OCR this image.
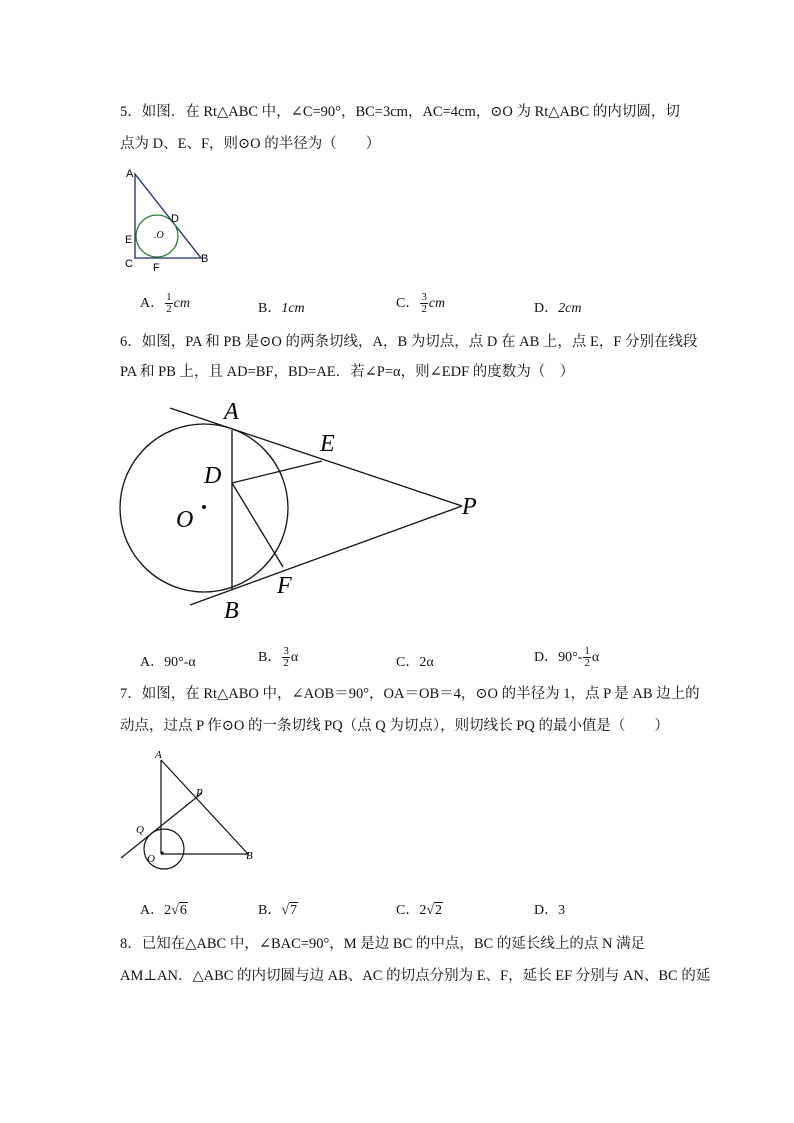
5．如图．在 Rt△ABC 中，∠C=90°，BC=3cm，AC=4cm，⊙O 为 Rt△ABC 的内切圆，切
点为 D、E、F，则⊙O 的半径为（　　）
A
D
E .O
C F
B
A． $\frac{1}{2}$ cm	B．1cm	C． $\frac{3}{2}$ cm	D．2cm
6．如图，PA 和 PB 是⊙O 的两条切线，A，B 为切点，点 D 在 AB 上，点 E，F 分别在线段
PA 和 PB 上，且 AD=BF，BD=AE．若∠P=α，则∠EDF 的度数为（　）
A
E
D
P
O
F
B
A．90°-α	B． $\frac{3}{2}$ α	C．2α	D．$90^\circ- \frac{1}{2}$ α
7．如图，在 Rt△ABO 中，∠AOB＝90°，OA＝OB＝4，⊙O 的半径为 1，点 P 是 AB 边上的
动点，过点 P 作⊙O 的一条切线 PQ（点 Q 为切点），则切线长 PQ 的最小值是（　　）
A
P
Q
O	B
A．2√6	B．√7	C．2√2	D．3
8．已知在△ABC 中，∠BAC=90°，M 是边 BC 的中点，BC 的延长线上的点 N 满足
AM⊥AN．△ABC 的内切圆与边 AB、AC 的切点分别为 E、F，延长 EF 分别与 AN、BC 的延
